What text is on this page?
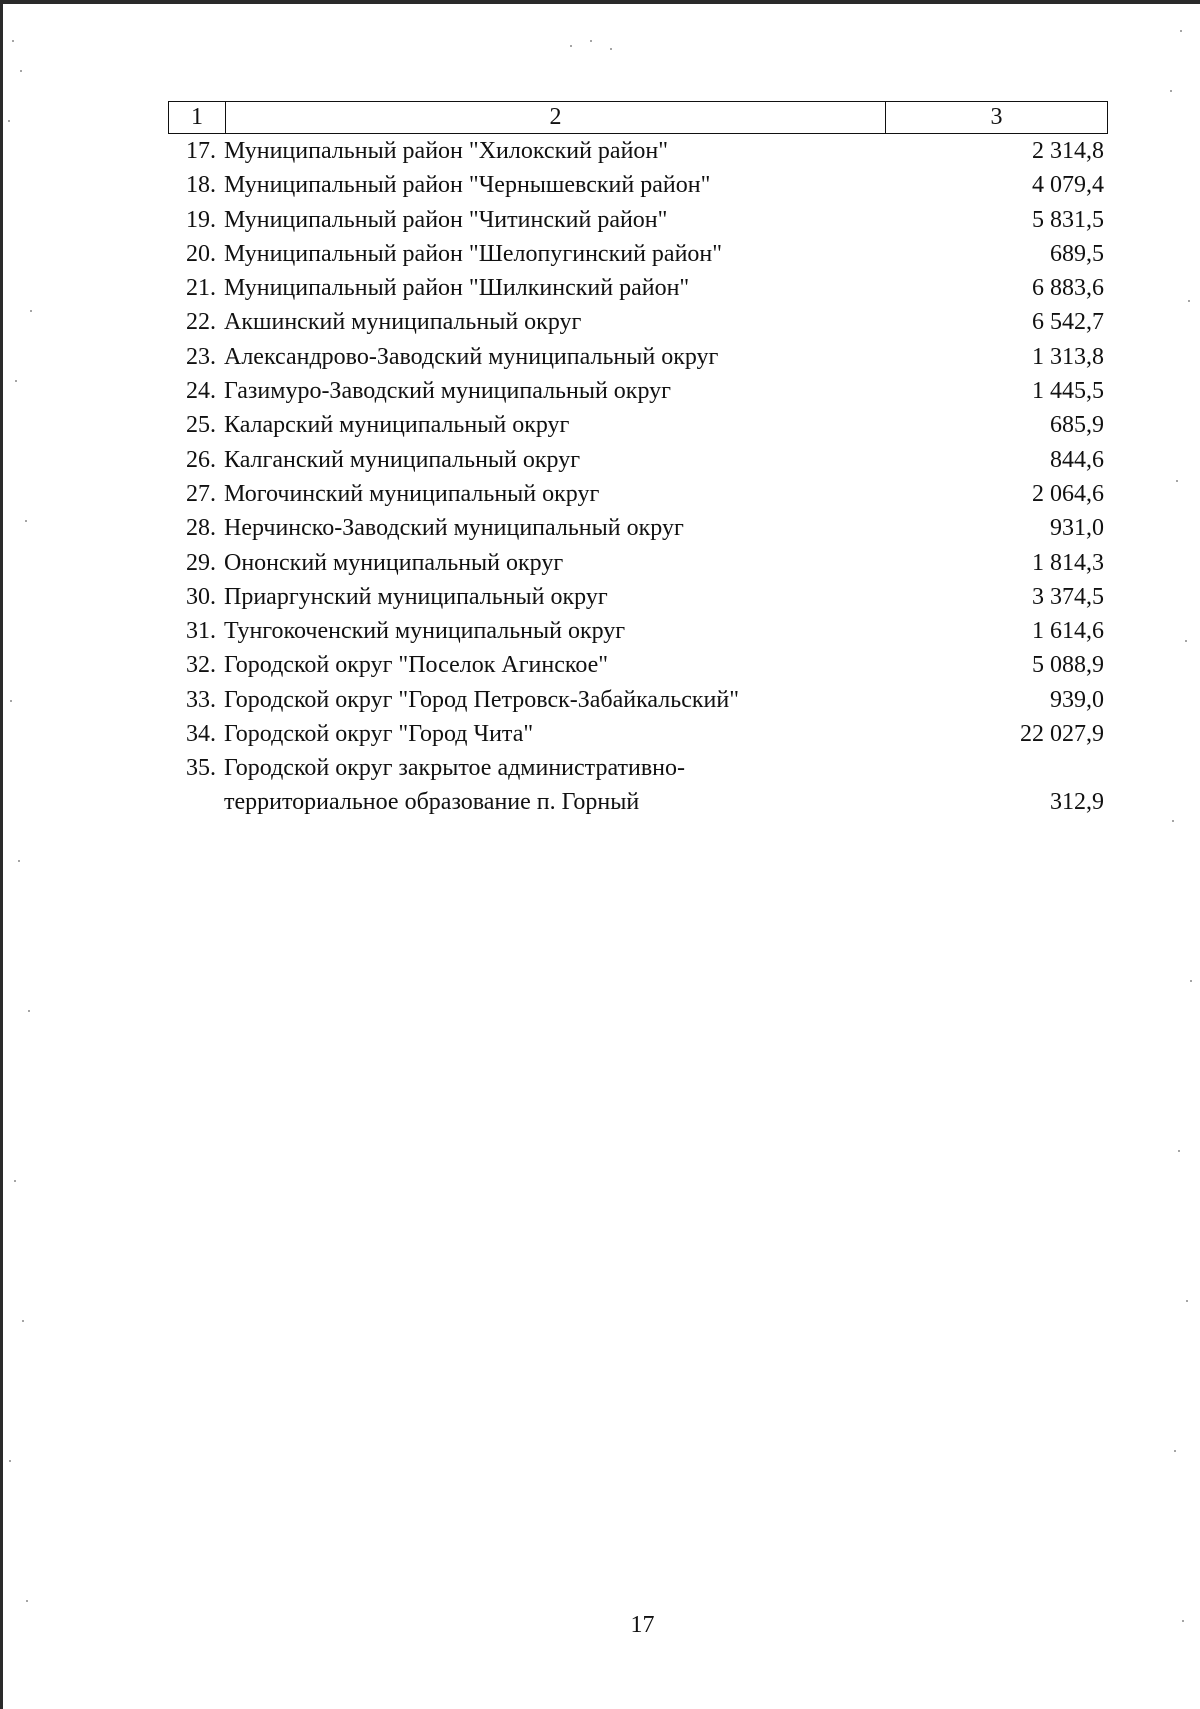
1	2	3
17. Муниципальный район "Хилокский район"	2 314,8
18. Муниципальный район "Чернышевский район"	4 079,4
19. Муниципальный район "Читинский район"	5 831,5
20. Муниципальный район "Шелопугинский район"	689,5
21. Муниципальный район "Шилкинский район"	6 883,6
22. Акшинский муниципальный округ	6 542,7
23. Александрово-Заводский муниципальный округ	1 313,8
24. Газимуро-Заводский муниципальный округ	1 445,5
25. Каларский муниципальный округ	685,9
26. Калганский муниципальный округ	844,6
27. Могочинский муниципальный округ	2 064,6
28. Нерчинско-Заводский муниципальный округ	931,0
29. Ононский муниципальный округ	1 814,3
30. Приаргунский муниципальный округ	3 374,5
31. Тунгокоченский муниципальный округ	1 614,6
32. Городской округ "Поселок Агинское"	5 088,9
33. Городской округ "Город Петровск-Забайкальский"	939,0
34. Городской округ "Город Чита"	22 027,9
35. Городской округ закрытое административно-
территориальное образование п. Горный	312,9
17
